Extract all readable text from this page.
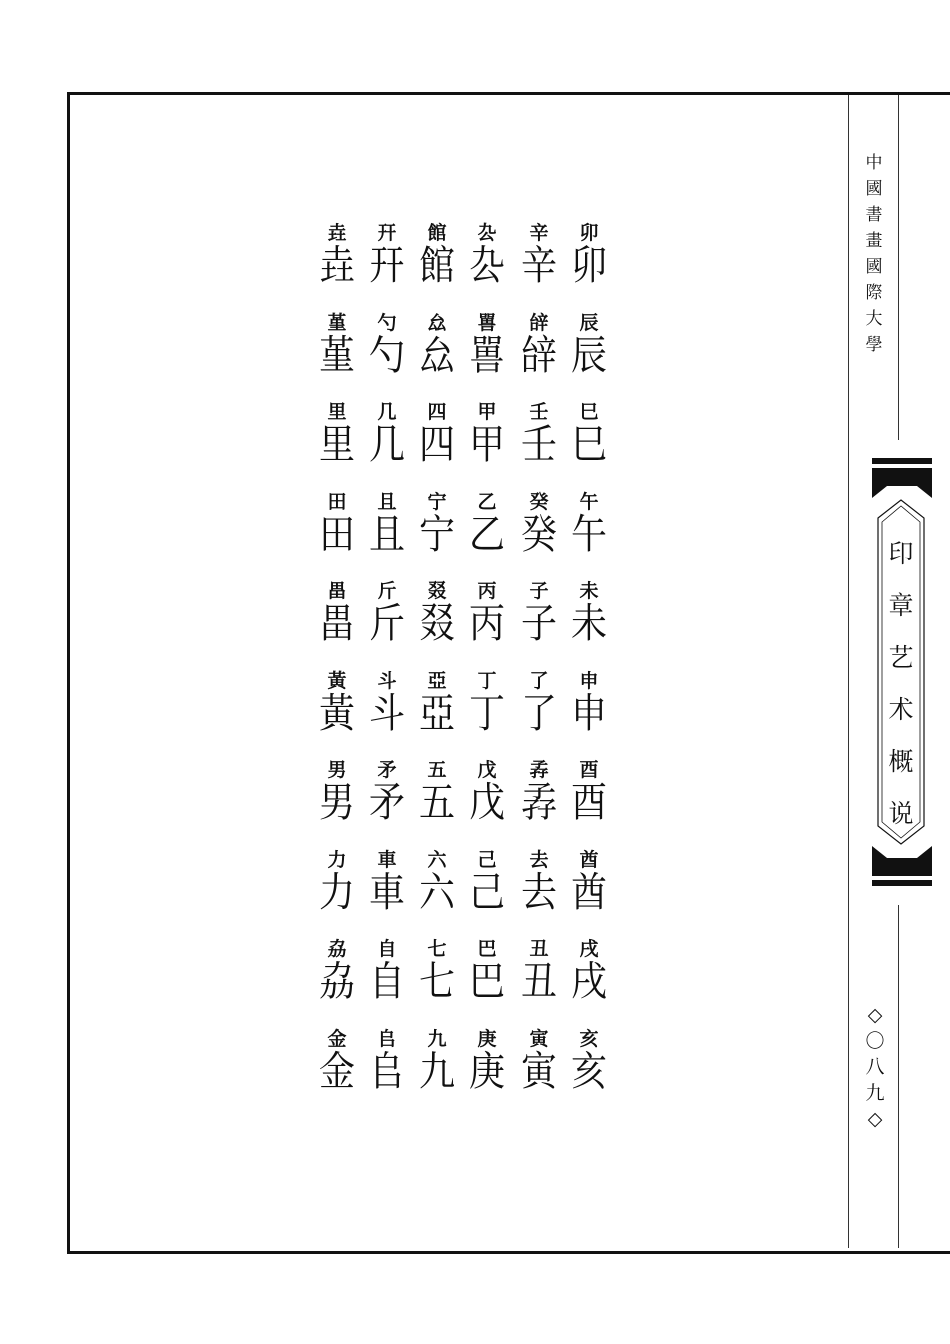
中
國
書
畫
國
際
大
學
印
章
艺
术
概
说
◇
〇
八
九
◇
卯
卯
辰
辰
巳
巳
午
午
未
未
申
申
酉
酉
酋
酋
戌
戌
亥
亥
辛
辛
辝
辝
壬
壬
癸
癸
子
子
了
了
孨
孨
去
去
丑
丑
寅
寅
厹
厹
嘼
嘼
甲
甲
乙
乙
丙
丙
丁
丁
戊
戊
己
己
巴
巴
庚
庚
館
館
厽
厽
四
四
宁
宁
叕
叕
亞
亞
五
五
六
六
七
七
九
九
幵
幵
勺
勺
几
几
且
且
斤
斤
斗
斗
矛
矛
車
車
自
自
𠂤
𠂤
垚
垚
堇
堇
里
里
田
田
畕
畕
黃
黃
男
男
力
力
劦
劦
金
金
